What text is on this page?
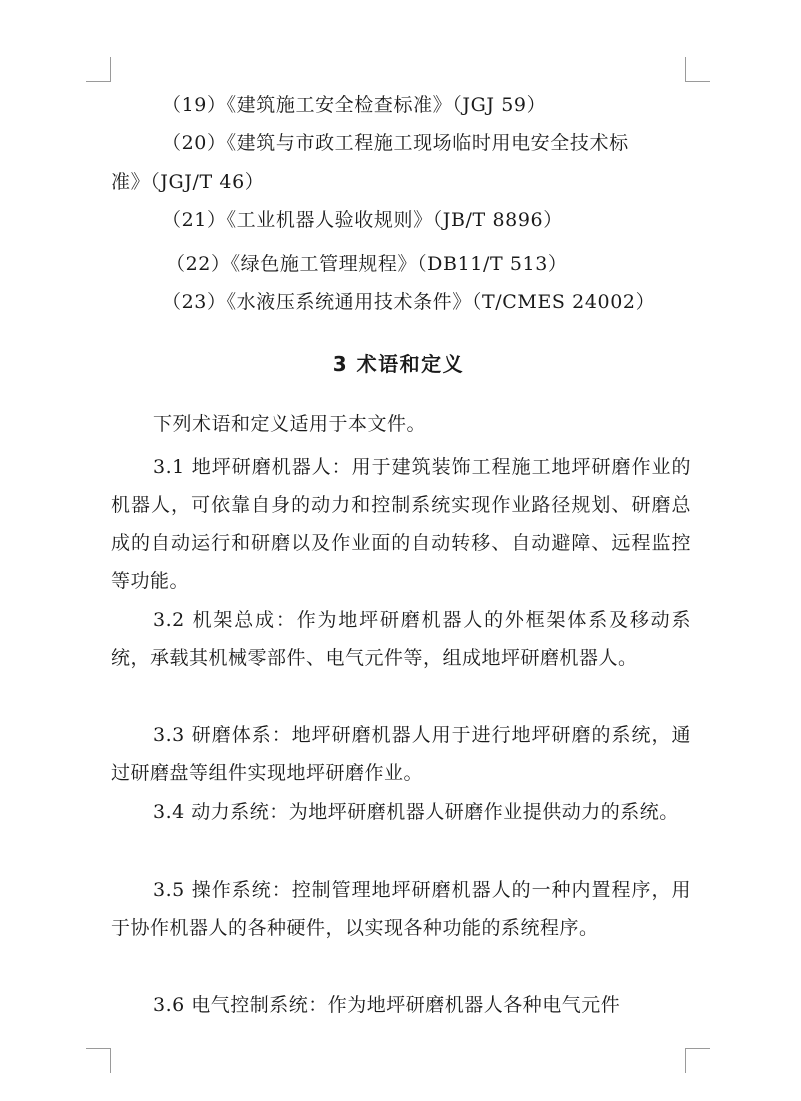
（19）《建筑施工安全检查标准》（JGJ 59）
（20）《建筑与市政工程施工现场临时用电安全技术标
准》（JGJ/T 46）
（21）《工业机器人验收规则》（JB/T 8896）
（22）《绿色施工管理规程》（DB11/T 513）
（23）《水液压系统通用技术条件》（T/CMES 24002）
3 术语和定义
下列术语和定义适用于本文件。
3.1 地坪研磨机器人：用于建筑装饰工程施工地坪研磨作业的机器人，可依靠自身的动力和控制系统实现作业路径规划、研磨总成的自动运行和研磨以及作业面的自动转移、自动避障、远程监控等功能。
3.2 机架总成：作为地坪研磨机器人的外框架体系及移动系统，承载其机械零部件、电气元件等，组成地坪研磨机器人。
3.3 研磨体系：地坪研磨机器人用于进行地坪研磨的系统，通过研磨盘等组件实现地坪研磨作业。
3.4 动力系统：为地坪研磨机器人研磨作业提供动力的系统。
3.5 操作系统：控制管理地坪研磨机器人的一种内置程序，用于协作机器人的各种硬件，以实现各种功能的系统程序。
3.6 电气控制系统：作为地坪研磨机器人各种电气元件
